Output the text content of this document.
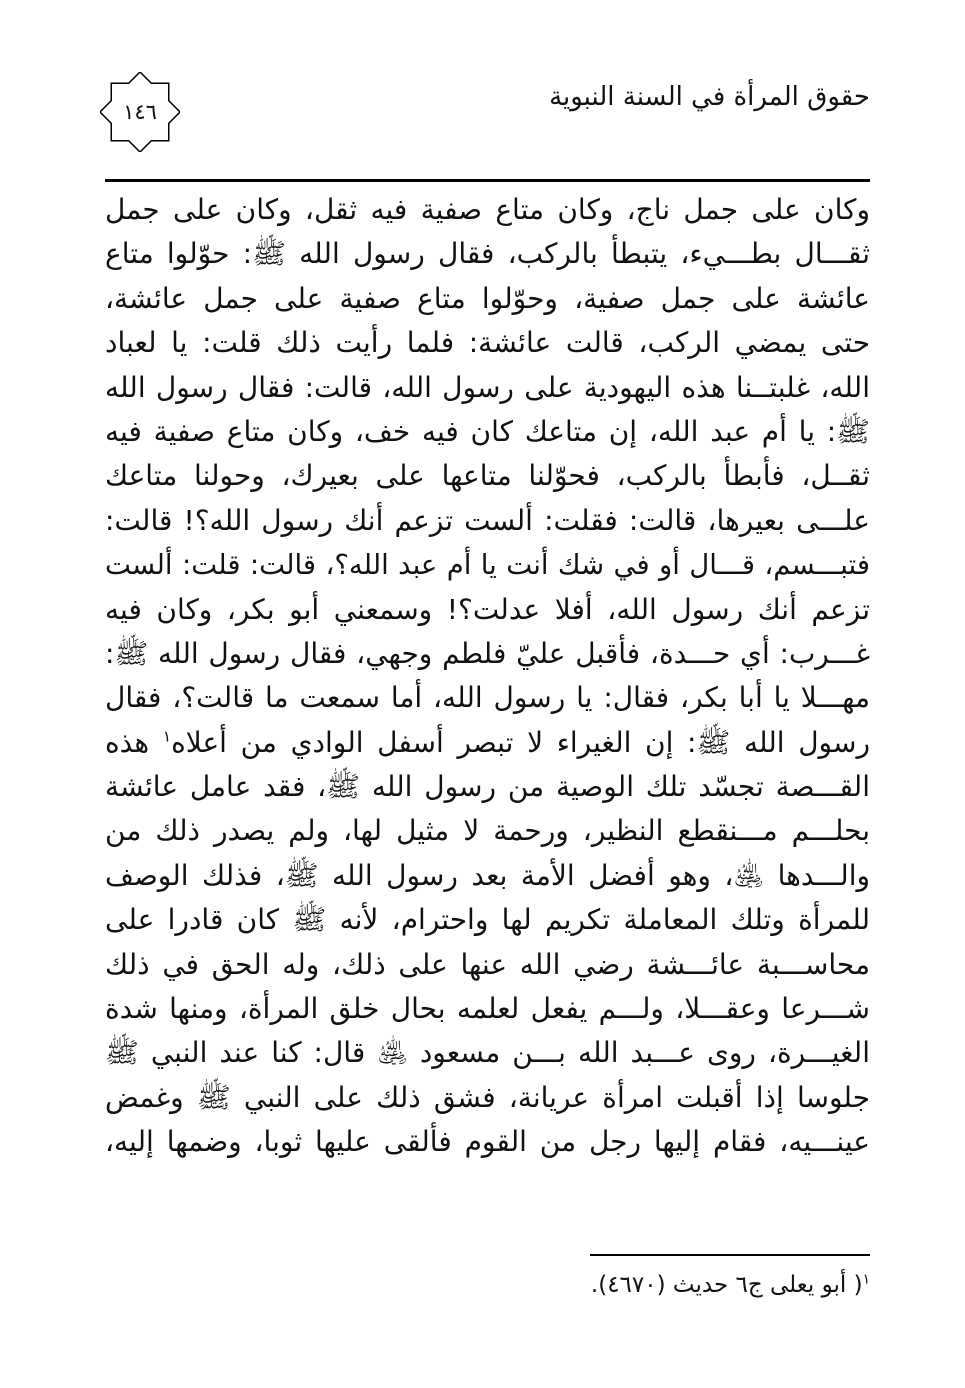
حقوق المرأة في السنة النبوية
١٤٦
وكان على جمل ناج، وكان متاع صفية فيه ثقل، وكان على جمل
ثقـــال بطـــيء، يتبطأ بالركب، فقال رسول الله ﷺ: حوّلوا متاع
عائشة على جمل صفية، وحوّلوا متاع صفية على جمل عائشة،
حتى يمضي الركب، قالت عائشة: فلما رأيت ذلك قلت: يا لعباد
الله، غلبتــنا هذه اليهودية على رسول الله، قالت: فقال رسول الله
ﷺ: يا أم عبد الله، إن متاعك كان فيه خف، وكان متاع صفية فيه
ثقــل، فأبطأ بالركب، فحوّلنا متاعها على بعيرك، وحولنا متاعك
علـــى بعيرها، قالت: فقلت: ألست تزعم أنك رسول الله؟! قالت:
فتبـــسم، قـــال أو في شك أنت يا أم عبد الله؟، قالت: قلت: ألست
تزعم أنك رسول الله، أفلا عدلت؟! وسمعني أبو بكر، وكان فيه
غـــرب: أي حـــدة، فأقبل عليّ فلطم وجهي، فقال رسول الله ﷺ:
مهـــلا يا أبا بكر، فقال: يا رسول الله، أما سمعت ما قالت؟، فقال
رسول الله ﷺ: إن الغيراء لا تبصر أسفل الوادي من أعلاه$^١$ هذه
القـــصة تجسّد تلك الوصية من رسول الله ﷺ، فقد عامل عائشة
بحلـــم مـــنقطع النظير، ورحمة لا مثيل لها، ولم يصدر ذلك من
والـــدها ﵁، وهو أفضل الأمة بعد رسول الله ﷺ، فذلك الوصف
للمرأة وتلك المعاملة تكريم لها واحترام، لأنه ﷺ كان قادرا على
محاســـبة عائـــشة رضي الله عنها على ذلك، وله الحق في ذلك
شـــرعا وعقـــلا، ولـــم يفعل لعلمه بحال خلق المرأة، ومنها شدة
الغيـــرة، روى عـــبد الله بـــن مسعود ﵁ قال: كنا عند النبي ﷺ
جلوسا إذا أقبلت امرأة عريانة، فشق ذلك على النبي ﷺ وغمض
عينـــيه، فقام إليها رجل من القوم فألقى عليها ثوبا، وضمها إليه،
$^١$) أبو يعلى ج٦ حديث (٤٦٧٠).
